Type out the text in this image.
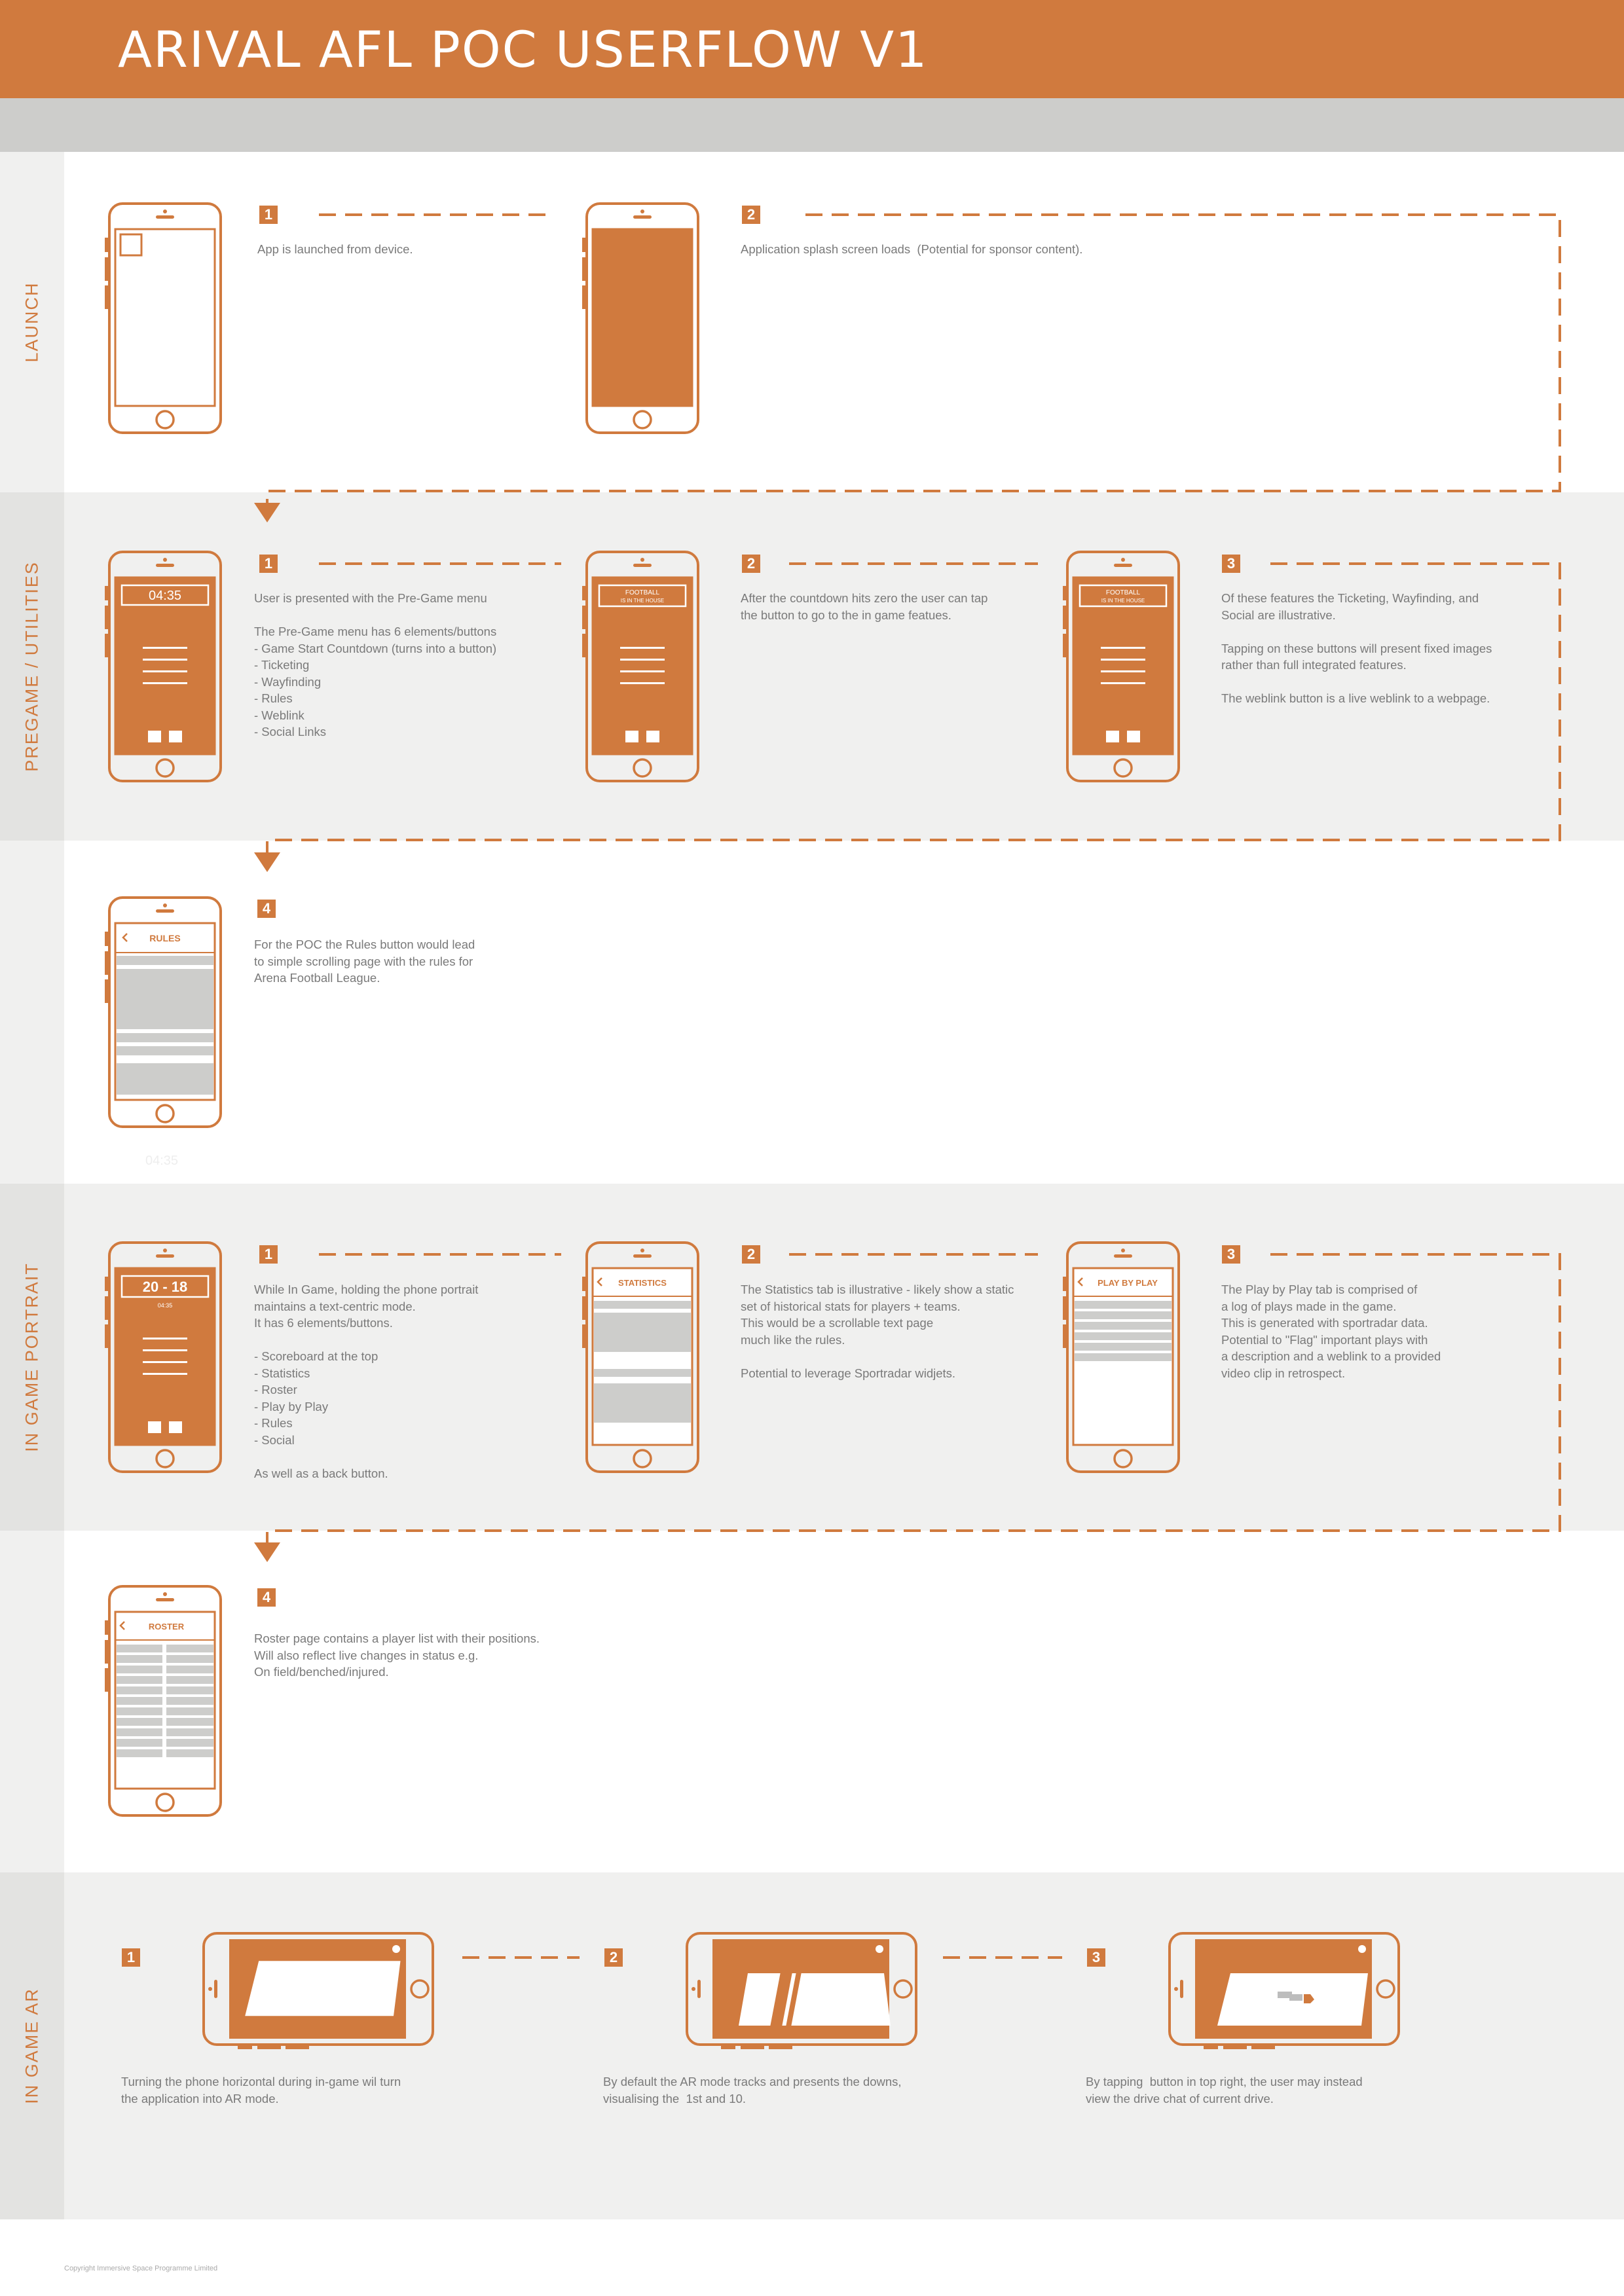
ARIVAL AFL POC USERFLOW V1
LAUNCH
PREGAME / UTILITIES
IN GAME PORTRAIT
IN GAME AR
04:35	FOOTBALL
IS IN THE HOUSE
FOOTBALL
IS IN THE HOUSE
RULES
20 - 18
04:35
STATISTICS	PLAY BY PLAY
ROSTER
1	2
1	2	3
4
1	2	3
4
1	2	3
App is launched from device.	Application splash screen loads  (Potential for sponsor content).
User is presented with the Pre-Game menu

The Pre-Game menu has 6 elements/buttons
- Game Start Countdown (turns into a button)
- Ticketing
- Wayfinding
- Rules
- Weblink
- Social Links
After the countdown hits zero the user can tap
the button to go to the in game featues.
Of these features the Ticketing, Wayfinding, and
Social are illustrative.

Tapping on these buttons will present fixed images
rather than full integrated features.

The weblink button is a live weblink to a webpage.
For the POC the Rules button would lead
to simple scrolling page with the rules for
Arena Football League.
While In Game, holding the phone portrait
maintains a text-centric mode.
It has 6 elements/buttons.

- Scoreboard at the top
- Statistics
- Roster
- Play by Play
- Rules
- Social

As well as a back button.
The Statistics tab is illustrative - likely show a static
set of historical stats for players + teams.
This would be a scrollable text page
much like the rules.

Potential to leverage Sportradar widjets.
The Play by Play tab is comprised of
a log of plays made in the game.
This is generated with sportradar data.
Potential to "Flag" important plays with
a description and a weblink to a provided
video clip in retrospect.
Roster page contains a player list with their positions.
Will also reflect live changes in status e.g.
On field/benched/injured.
Turning the phone horizontal during in-game wil turn
the application into AR mode.
By default the AR mode tracks and presents the downs,
visualising the  1st and 10.
By tapping  button in top right, the user may instead
view the drive chat of current drive.
04:35
Copyright Immersive Space Programme Limited
